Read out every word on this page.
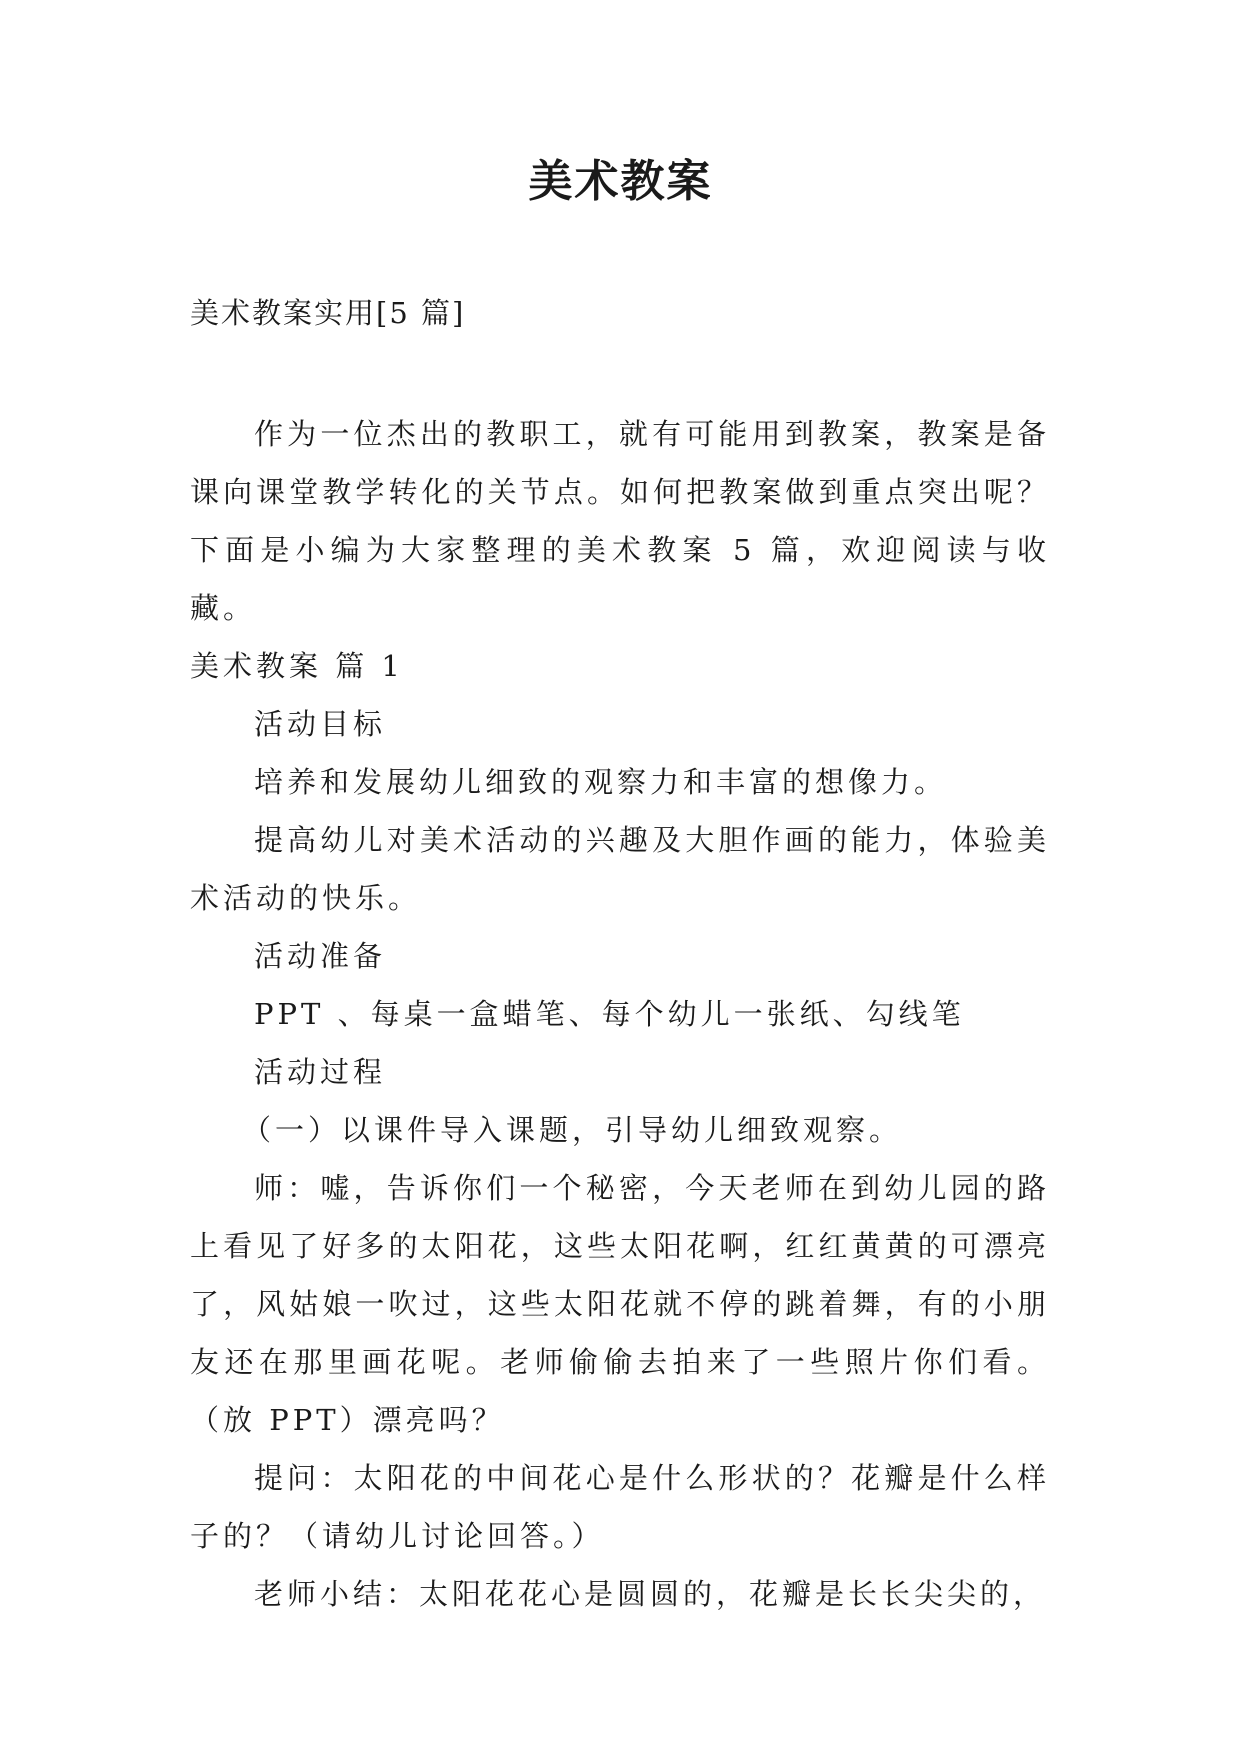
美术教案

美术教案实用[5 篇]

作为一位杰出的教职工，就有可能用到教案，教案是备课向课堂教学转化的关节点。如何把教案做到重点突出呢？下面是小编为大家整理的美术教案 5 篇，欢迎阅读与收藏。

美术教案 篇 1

活动目标

培养和发展幼儿细致的观察力和丰富的想像力。

提高幼儿对美术活动的兴趣及大胆作画的能力，体验美术活动的快乐。

活动准备

PPT 、每桌一盒蜡笔、每个幼儿一张纸、勾线笔

活动过程

（一）以课件导入课题，引导幼儿细致观察。

师：嘘，告诉你们一个秘密，今天老师在到幼儿园的路上看见了好多的太阳花，这些太阳花啊，红红黄黄的可漂亮了，风姑娘一吹过，这些太阳花就不停的跳着舞，有的小朋友还在那里画花呢。老师偷偷去拍来了一些照片你们看。（放 PPT）漂亮吗？

提问：太阳花的中间花心是什么形状的？花瓣是什么样子的？（请幼儿讨论回答。）

老师小结：太阳花花心是圆圆的，花瓣是长长尖尖的，
